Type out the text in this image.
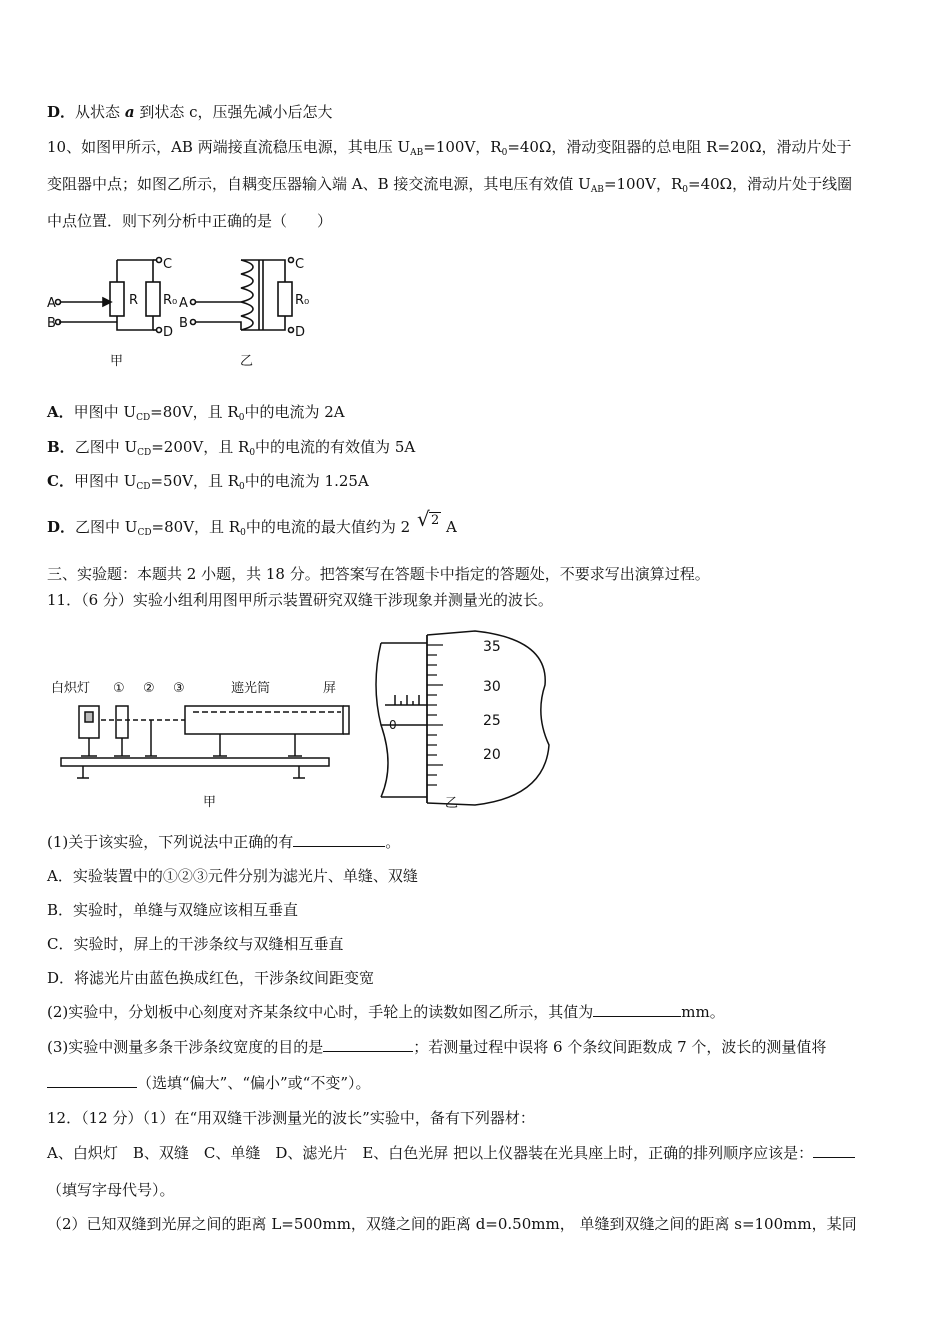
D．从状态 a 到状态 c，压强先减小后怎大
10、如图甲所示，AB 两端接直流稳压电源，其电压 $U_{AB}=100V$，$R_0=40\Omega$，滑动变阻器的总电阻 R=20Ω，滑动片处于
变阻器中点；如图乙所示，自耦变压器输入端 A、B 接交流电源，其电压有效值 $U_{AB}=100V$，$R_0=40\Omega$，滑动片处于线圈
中点位置．则下列分析中正确的是（　　）
A
B
C
D
R R₀
甲
A
B
C
D
R₀
乙
A．甲图中 $U_{CD}=80V$，且 $R_0$中的电流为 2A
B．乙图中 $U_{CD}=200V$，且 $R_0$中的电流的有效值为 5A
C．甲图中 $U_{CD}=50V$，且 $R_0$中的电流为 1.25A
D．乙图中 $U_{CD}=80V$，且 $R_0$中的电流的最大值约为 2 √ 2 A
三、实验题：本题共 2 小题，共 18 分。把答案写在答题卡中指定的答题处，不要求写出演算过程。
11．（6 分）实验小组利用图甲所示装置研究双缝干涉现象并测量光的波长。
白炽灯 ① ② ③	遮光筒	屏
甲
35
30
25
20
0
乙
(1)关于该实验，下列说法中正确的有	。
A．实验装置中的①②③元件分别为滤光片、单缝、双缝
B．实验时，单缝与双缝应该相互垂直
C．实验时，屏上的干涉条纹与双缝相互垂直
D．将滤光片由蓝色换成红色，干涉条纹间距变宽
(2)实验中，分划板中心刻度对齐某条纹中心时，手轮上的读数如图乙所示，其值为	mm。
(3)实验中测量多条干涉条纹宽度的目的是	；若测量过程中误将 6 个条纹间距数成 7 个，波长的测量值将
（选填“偏大”、“偏小”或“不变”）。
12．（12 分）（1）在“用双缝干涉测量光的波长”实验中，备有下列器材：
A、白炽灯　B、双缝　C、单缝　D、滤光片　E、白色光屏 把以上仪器装在光具座上时，正确的排列顺序应该是：
（填写字母代号）。
（2）已知双缝到光屏之间的距离 L=500mm，双缝之间的距离 d=0.50mm， 单缝到双缝之间的距离 s=100mm，某同
